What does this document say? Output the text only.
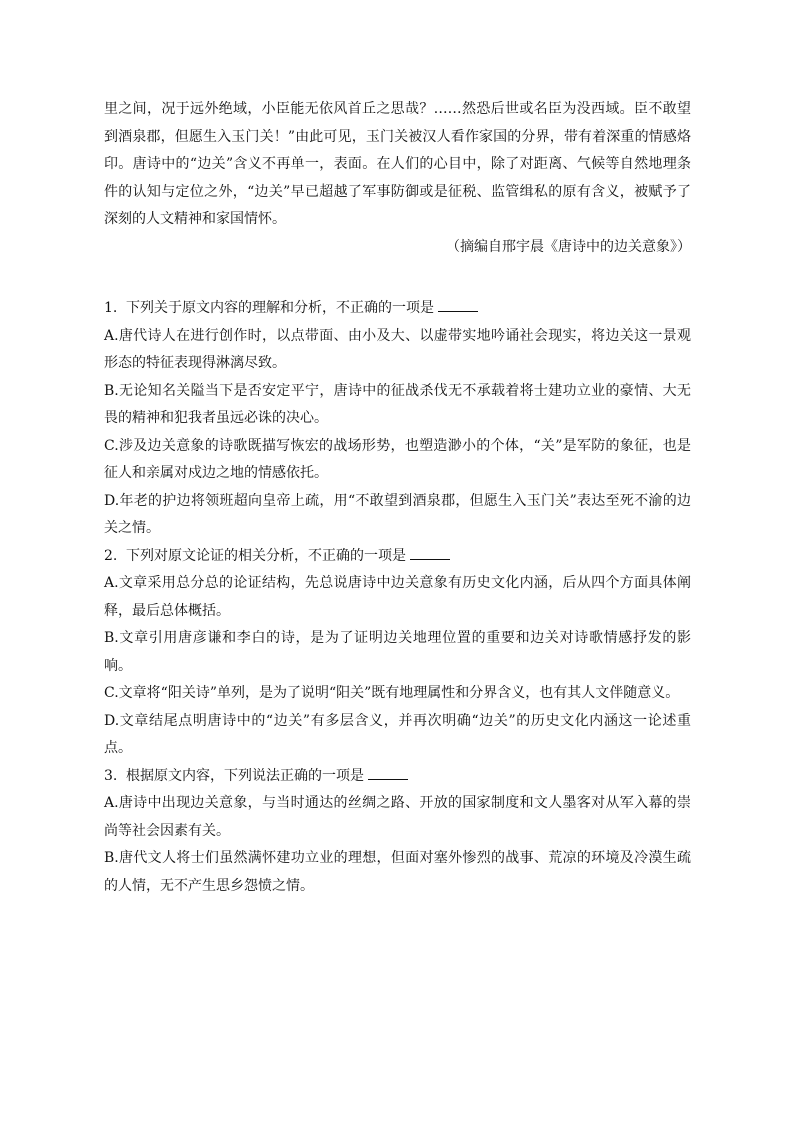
里之间，况于远外绝域，小臣能无依风首丘之思哉？……然恐后世或名臣为没西域。臣不敢望到酒泉郡，但愿生入玉门关！”由此可见，玉门关被汉人看作家国的分界，带有着深重的情感烙印。唐诗中的“边关”含义不再单一，表面。在人们的心目中，除了对距离、气候等自然地理条件的认知与定位之外，“边关”早已超越了军事防御或是征税、监管缉私的原有含义，被赋予了深刻的人文精神和家国情怀。

（摘编自邢宇晨《唐诗中的边关意象》）

1. 下列关于原文内容的理解和分析，不正确的一项是

A.唐代诗人在进行创作时，以点带面、由小及大、以虚带实地吟诵社会现实，将边关这一景观形态的特征表现得淋漓尽致。

B.无论知名关隘当下是否安定平宁，唐诗中的征战杀伐无不承载着将士建功立业的豪情、大无畏的精神和犯我者虽远必诛的决心。

C.涉及边关意象的诗歌既描写恢宏的战场形势，也塑造渺小的个体，“关”是军防的象征，也是征人和亲属对戍边之地的情感依托。

D.年老的护边将领班超向皇帝上疏，用“不敢望到酒泉郡，但愿生入玉门关”表达至死不渝的边关之情。

2. 下列对原文论证的相关分析，不正确的一项是

A.文章采用总分总的论证结构，先总说唐诗中边关意象有历史文化内涵，后从四个方面具体阐释，最后总体概括。

B.文章引用唐彦谦和李白的诗，是为了证明边关地理位置的重要和边关对诗歌情感抒发的影响。

C.文章将“阳关诗”单列，是为了说明“阳关”既有地理属性和分界含义，也有其人文伴随意义。

D.文章结尾点明唐诗中的“边关”有多层含义，并再次明确“边关”的历史文化内涵这一论述重点。

3. 根据原文内容，下列说法正确的一项是

A.唐诗中出现边关意象，与当时通达的丝绸之路、开放的国家制度和文人墨客对从军入幕的崇尚等社会因素有关。

B.唐代文人将士们虽然满怀建功立业的理想，但面对塞外惨烈的战事、荒凉的环境及冷漠生疏的人情，无不产生思乡怨愤之情。
